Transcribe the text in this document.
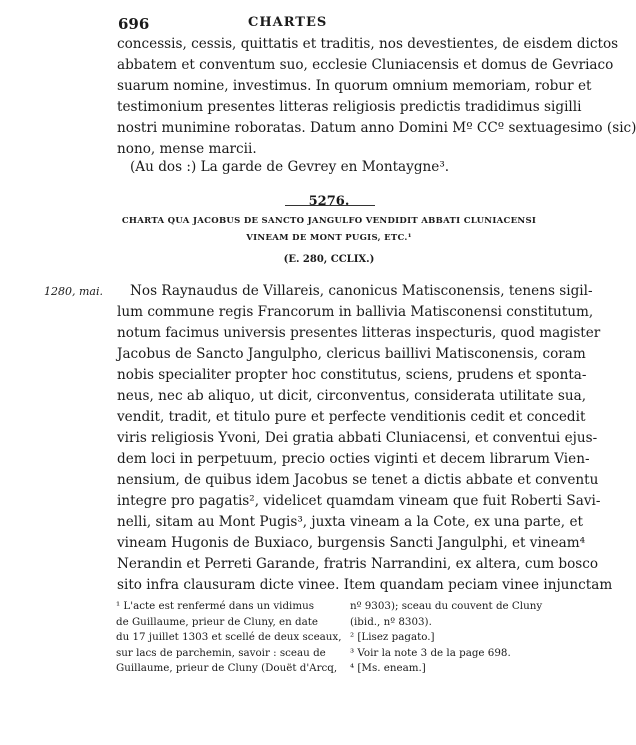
696	CHARTES
concessis, cessis, quittatis et traditis, nos devestientes, de eisdem dictos
abbatem et conventum suo, ecclesie Cluniacensis et domus de Gevriaco
suarum nomine, investimus. In quorum omnium memoriam, robur et
testimonium presentes litteras religiosis predictis tradidimus sigilli
nostri munimine roboratas. Datum anno Domini Mº CCº sextuagesimo (sic)
nono, mense marcii.
(Au dos :) La garde de Gevrey en Montaygne³.
5276.
CHARTA QUA JACOBUS DE SANCTO JANGULFO VENDIDIT ABBATI CLUNIACENSI
VINEAM DE MONT PUGIS, ETC.¹
(E. 280, CCLIX.)
1280, mai. Nos Raynaudus de Villareis, canonicus Matisconensis, tenens sigil-
lum commune regis Francorum in ballivia Matisconensi constitutum,
notum facimus universis presentes litteras inspecturis, quod magister
Jacobus de Sancto Jangulpho, clericus baillivi Matisconensis, coram
nobis specialiter propter hoc constitutus, sciens, prudens et sponta-
neus, nec ab aliquo, ut dicit, circonventus, considerata utilitate sua,
vendit, tradit, et titulo pure et perfecte venditionis cedit et concedit
viris religiosis Yvoni, Dei gratia abbati Cluniacensi, et conventui ejus-
dem loci in perpetuum, precio octies viginti et decem librarum Vien-
nensium, de quibus idem Jacobus se tenet a dictis abbate et conventu
integre pro pagatis², videlicet quamdam vineam que fuit Roberti Savi-
nelli, sitam au Mont Pugis³, juxta vineam a la Cote, ex una parte, et
vineam Hugonis de Buxiaco, burgensis Sancti Jangulphi, et vineam⁴
Nerandin et Perreti Garande, fratris Narrandini, ex altera, cum bosco
sito infra clausuram dicte vinee. Item quandam peciam vinee injunctam
¹ L'acte est renfermé dans un vidimus
de Guillaume, prieur de Cluny, en date
du 17 juillet 1303 et scellé de deux sceaux,
sur lacs de parchemin, savoir : sceau de
Guillaume, prieur de Cluny (Douët d'Arcq,
nº 9303); sceau du couvent de Cluny
(ibid., nº 8303).
² [Lisez pagato.]
³ Voir la note 3 de la page 698.
⁴ [Ms. eneam.]
